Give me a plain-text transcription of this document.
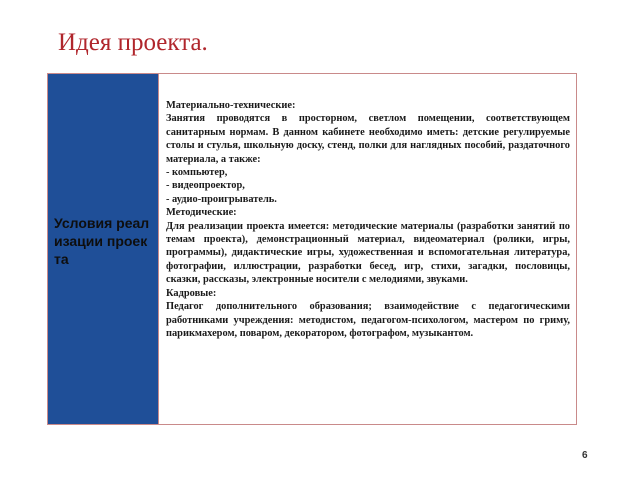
Идея проекта.
Условия реализации проекта

Материально-технические:

Занятия проводятся в просторном, светлом помещении, соответствующем санитарным нормам. В данном кабинете необходимо иметь: детские регулируемые столы и стулья, школьную доску, стенд, полки для наглядных пособий, раздаточного материала, а также:

- компьютер,

- видеопроектор,

- аудио-проигрыватель.

Методические:

Для реализации проекта имеется: методические материалы (разработки занятий по темам проекта), демонстрационный материал, видеоматериал (ролики, игры, программы), дидактические игры, художественная и вспомогательная литература, фотографии, иллюстрации, разработки бесед, игр, стихи, загадки, пословицы, сказки, рассказы, электронные носители с мелодиями, звуками.

Кадровые:

Педагог дополнительного образования; взаимодействие с педагогическими работниками учреждения: методистом, педагогом-психологом, мастером по гриму, парикмахером, поваром, декоратором, фотографом, музыкантом.

6
